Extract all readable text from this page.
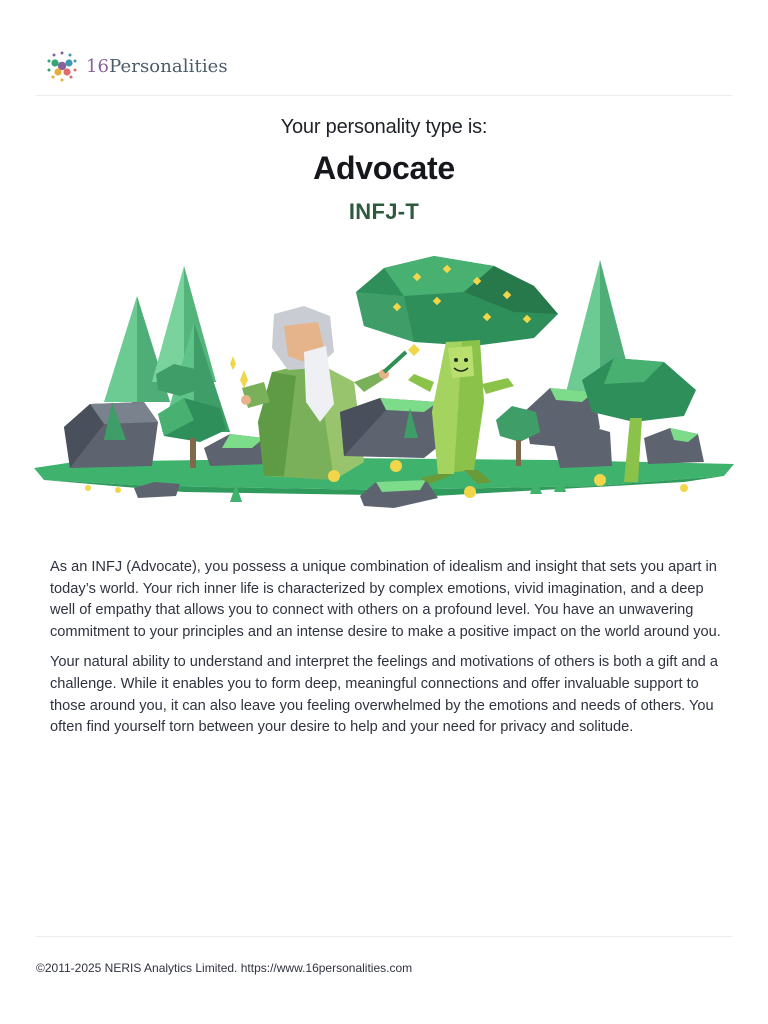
16Personalities
Your personality type is:
Advocate
INFJ-T

As an INFJ (Advocate), you possess a unique combination of idealism and insight that sets you apart in today’s world. Your rich inner life is characterized by complex emotions, vivid imagination, and a deep well of empathy that allows you to connect with others on a profound level. You have an unwavering commitment to your principles and an intense desire to make a positive impact on the world around you.

Your natural ability to understand and interpret the feelings and motivations of others is both a gift and a challenge. While it enables you to form deep, meaningful connections and offer invaluable support to those around you, it can also leave you feeling overwhelmed by the emotions and needs of others. You often find yourself torn between your desire to help and your need for privacy and solitude.

©2011-2025 NERIS Analytics Limited. https://www.16personalities.com
